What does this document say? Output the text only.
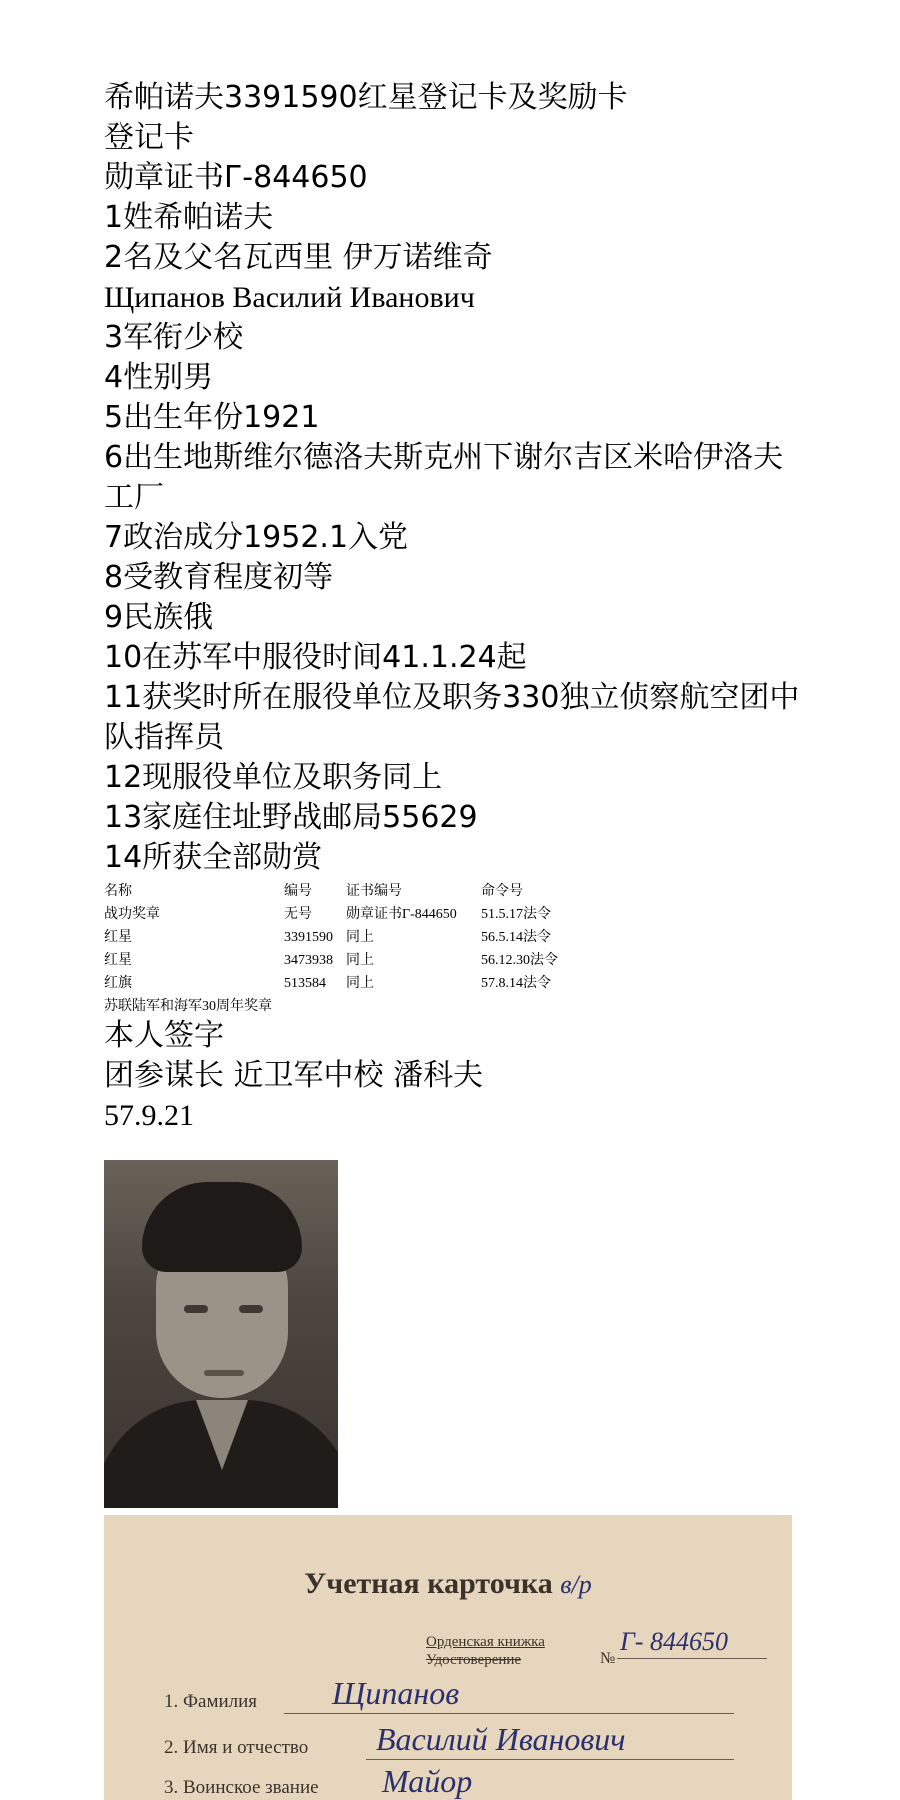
希帕诺夫3391590红星登记卡及奖励卡
登记卡
勋章证书Г-844650
1姓希帕诺夫
2名及父名瓦西里 伊万诺维奇
Щипанов Василий Иванович
3军衔少校
4性别男
5出生年份1921
6出生地斯维尔德洛夫斯克州下谢尔吉区米哈伊洛夫工厂
7政治成分1952.1入党
8受教育程度初等
9民族俄
10在苏军中服役时间41.1.24起
11获奖时所在服役单位及职务330独立侦察航空团中队指挥员
12现服役单位及职务同上
13家庭住址野战邮局55629
14所获全部勋赏
名称	编号	证书编号	命令号
战功奖章	无号	勋章证书Г-844650	51.5.17法令
红星	3391590	同上	56.5.14法令
红星	3473938	同上	56.12.30法令
红旗	513584	同上	57.8.14法令
苏联陆军和海军30周年奖章			
本人签字
团参谋长 近卫军中校 潘科夫
57.9.21
Учетная карточка в/р
Орденская книжка
Удостоверение	№
Г- 844650
1. Фамилия Щипанов
2. Имя и отчество Василий Иванович
3. Воинское звание Майор
